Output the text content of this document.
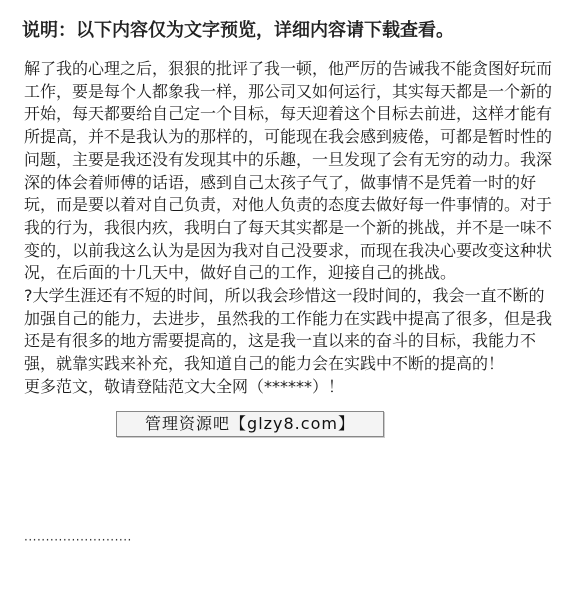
说明：以下内容仅为文字预览，详细内容请下载查看。

解了我的心理之后，狠狠的批评了我一顿，他严厉的告诫我不能贪图好玩而工作，要是每个人都象我一样，那公司又如何运行，其实每天都是一个新的开始，每天都要给自己定一个目标，每天迎着这个目标去前进，这样才能有所提高，并不是我认为的那样的，可能现在我会感到疲倦，可都是暂时性的问题，主要是我还没有发现其中的乐趣，一旦发现了会有无穷的动力。我深深的体会着师傅的话语，感到自己太孩子气了，做事情不是凭着一时的好玩，而是要以着对自己负责，对他人负责的态度去做好每一件事情的。对于我的行为，我很内疚，我明白了每天其实都是一个新的挑战，并不是一味不变的，以前我这么认为是因为我对自己没要求，而现在我决心要改变这种状况，在后面的十几天中，做好自己的工作，迎接自己的挑战。

?大学生涯还有不短的时间，所以我会珍惜这一段时间的，我会一直不断的加强自己的能力，去进步，虽然我的工作能力在实践中提高了很多，但是我还是有很多的地方需要提高的，这是我一直以来的奋斗的目标，我能力不强，就靠实践来补充，我知道自己的能力会在实践中不断的提高的！

更多范文，敬请登陆范文大全网（******）！

·························
管理资源吧【glzy8.com】
